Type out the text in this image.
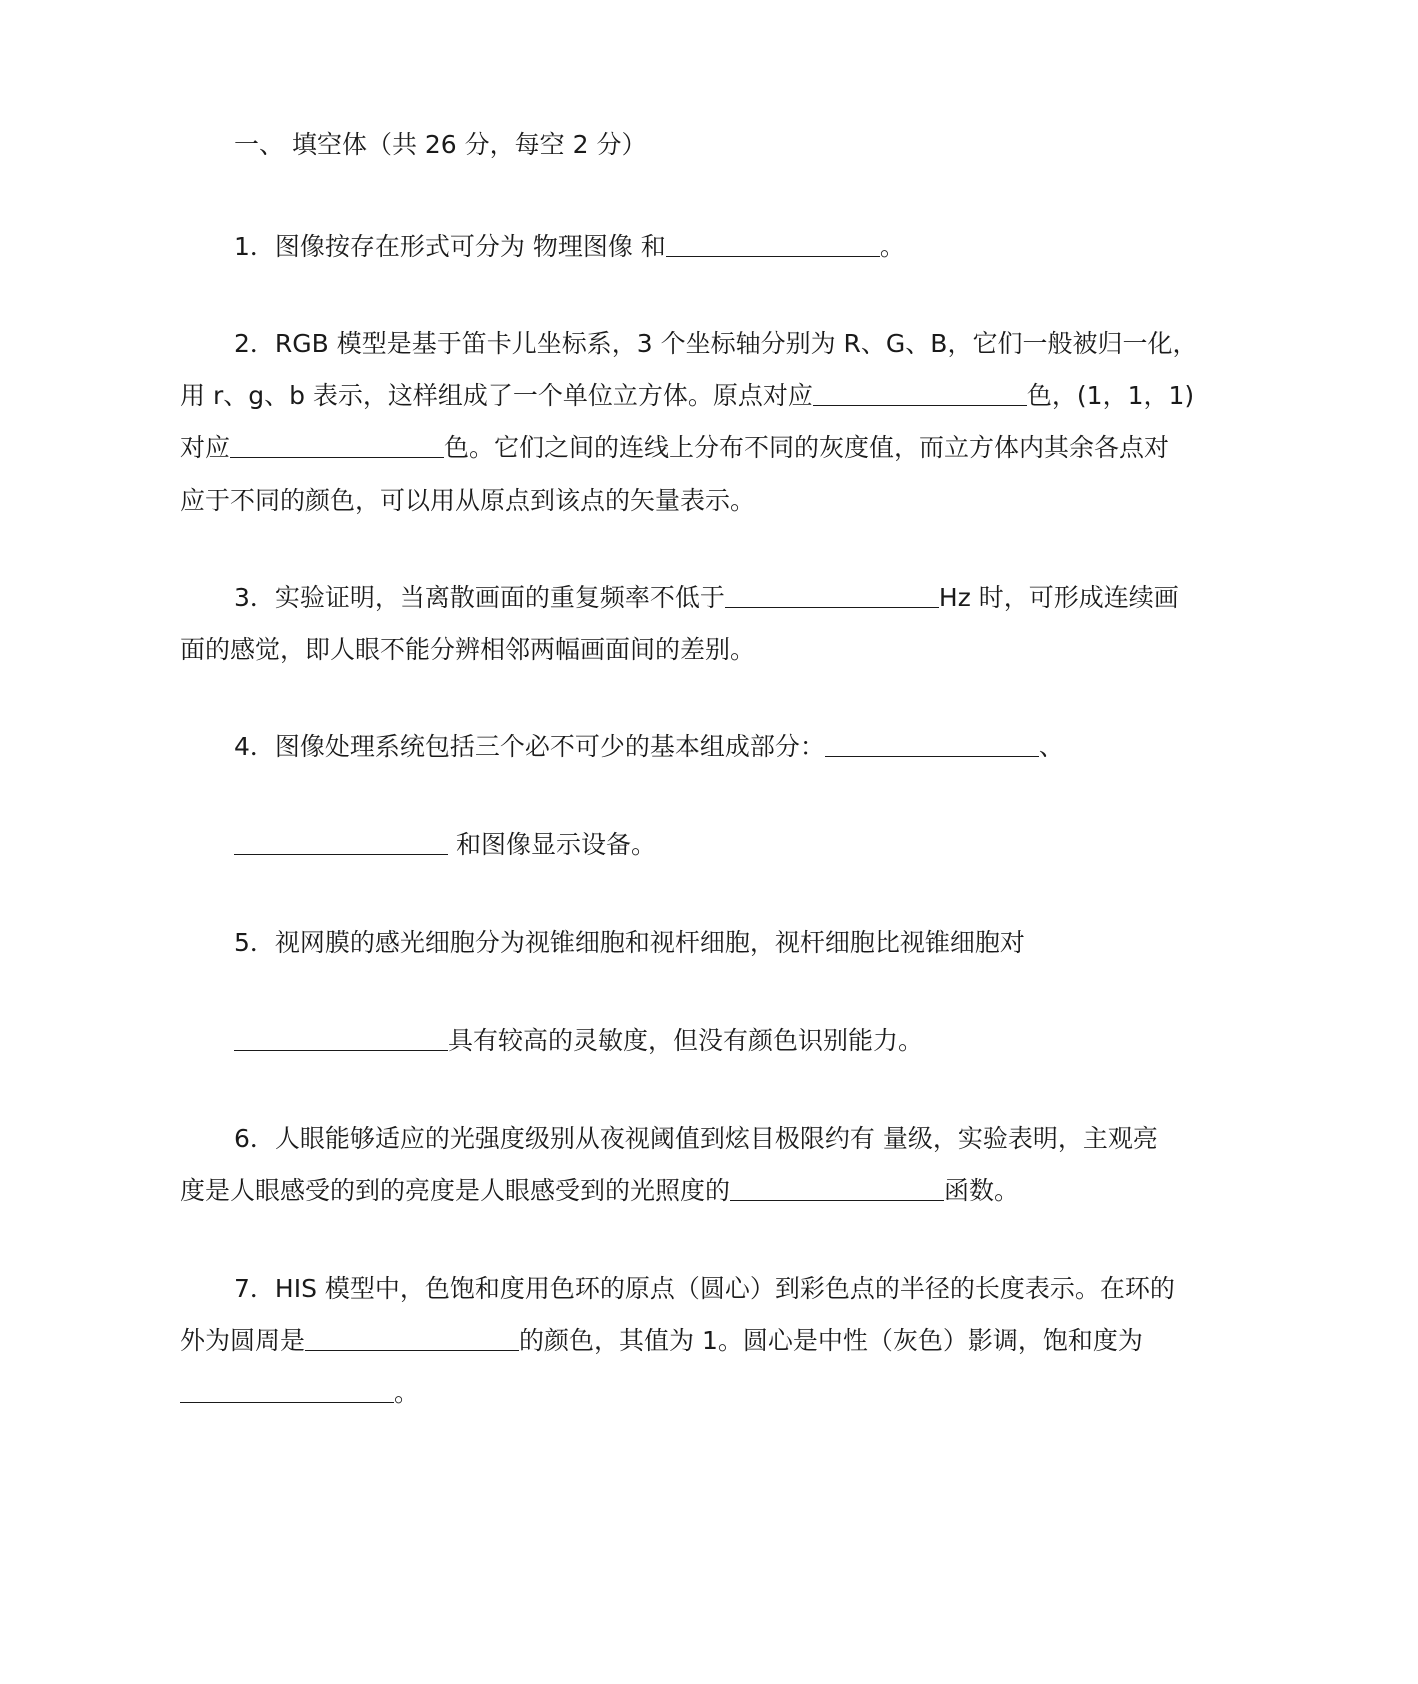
一、 填空体（共 26 分，每空 2 分）
1．图像按存在形式可分为 物理图像 和	。
2．RGB 模型是基于笛卡儿坐标系，3 个坐标轴分别为 R、G、B，它们一般被归一化，
用 r、g、b 表示，这样组成了一个单位立方体。原点对应	色，(1，1，1)
对应	色。它们之间的连线上分布不同的灰度值，而立方体内其余各点对
应于不同的颜色，可以用从原点到该点的矢量表示。
3．实验证明，当离散画面的重复频率不低于	Hz 时，可形成连续画
面的感觉，即人眼不能分辨相邻两幅画面间的差别。
4．图像处理系统包括三个必不可少的基本组成部分：	、
和图像显示设备。
5．视网膜的感光细胞分为视锥细胞和视杆细胞，视杆细胞比视锥细胞对
具有较高的灵敏度，但没有颜色识别能力。
6．人眼能够适应的光强度级别从夜视阈值到炫目极限约有 量级，实验表明，主观亮
度是人眼感受的到的亮度是人眼感受到的光照度的	函数。
7．HIS 模型中，色饱和度用色环的原点（圆心）到彩色点的半径的长度表示。在环的
外为圆周是	的颜色，其值为 1。圆心是中性（灰色）影调，饱和度为
。
